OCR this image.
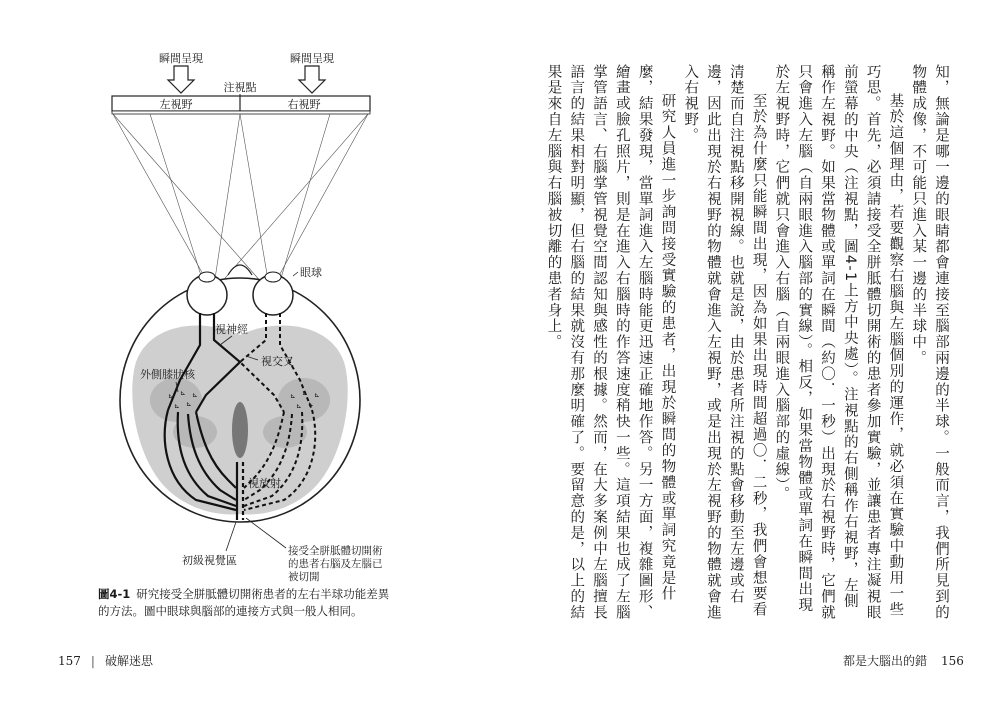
瞬間呈現	瞬間呈現
注視點
左視野	右視野
眼球
⊾ ⊾ ⊾
⊾ ⊾
⊾ ⊾ ⊾
⊾ ⊾
視神經
視交叉
外側膝狀核
視放射
初級視覺區
接受全胼胝體切開術
的患者右腦及左腦已
被切開
圖4-1 研究接受全胼胝體切開術患者的左右半球功能差異的方法。圖中眼球與腦部的連接方式與一般人相同。
157 | 破解迷思

知，無論是哪一邊的眼睛都會連接至腦部兩邊的半球。一般而言，我們所見到的物體成像，不可能只進入某一邊的半球中。

基於這個理由，若要觀察右腦與左腦個別的運作，就必須在實驗中動用一些巧思。首先，必須請接受全胼胝體切開術的患者參加實驗，並讓患者專注凝視眼前螢幕的中央（注視點，圖4-1上方中央處）。注視點的右側稱作右視野，左側稱作左視野。如果當物體或單詞在瞬間（約〇．一秒）出現於右視野時，它們就只會進入左腦（自兩眼進入腦部的實線）。相反，如果當物體或單詞在瞬間出現於左視野時，它們就只會進入右腦（自兩眼進入腦部的虛線）。

至於為什麼只能瞬間出現，因為如果出現時間超過〇．二秒，我們會想要看清楚而自注視點移開視線。也就是說，由於患者所注視的點會移動至左邊或右邊，因此出現於右視野的物體就會進入左視野，或是出現於左視野的物體就會進入右視野。

研究人員進一步詢問接受實驗的患者，出現於瞬間的物體或單詞究竟是什麼，結果發現，當單詞進入左腦時能更迅速正確地作答。另一方面，複雜圖形、繪畫或臉孔照片，則是在進入右腦時的作答速度稍快一些。這項結果也成了左腦掌管語言、右腦掌管視覺空間認知與感性的根據。然而，在大多案例中左腦擅長語言的結果相對明顯，但右腦的結果就沒有那麼明確了。要留意的是，以上的結果是來自左腦與右腦被切離的患者身上。

都是大腦出的錯 156
